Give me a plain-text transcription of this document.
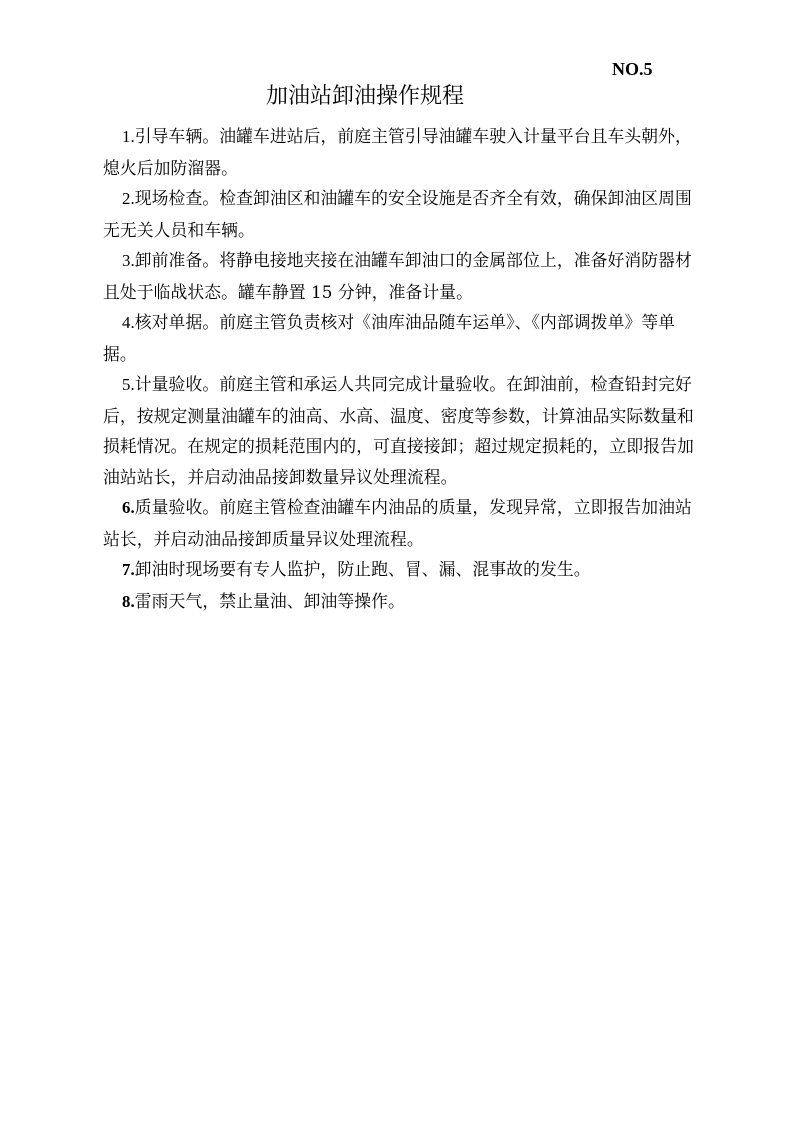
NO.5
加油站卸油操作规程

1.引导车辆。油罐车进站后，前庭主管引导油罐车驶入计量平台且车头朝外，熄火后加防溜器。

2.现场检查。检查卸油区和油罐车的安全设施是否齐全有效，确保卸油区周围无无关人员和车辆。

3.卸前准备。将静电接地夹接在油罐车卸油口的金属部位上，准备好消防器材且处于临战状态。罐车静置 15 分钟，准备计量。

4.核对单据。前庭主管负责核对《油库油品随车运单》、《内部调拨单》等单据。

5.计量验收。前庭主管和承运人共同完成计量验收。在卸油前，检查铅封完好后，按规定测量油罐车的油高、水高、温度、密度等参数，计算油品实际数量和损耗情况。在规定的损耗范围内的，可直接接卸；超过规定损耗的，立即报告加油站站长，并启动油品接卸数量异议处理流程。

6.质量验收。前庭主管检查油罐车内油品的质量，发现异常，立即报告加油站站长，并启动油品接卸质量异议处理流程。

7.卸油时现场要有专人监护，防止跑、冒、漏、混事故的发生。

8.雷雨天气，禁止量油、卸油等操作。
